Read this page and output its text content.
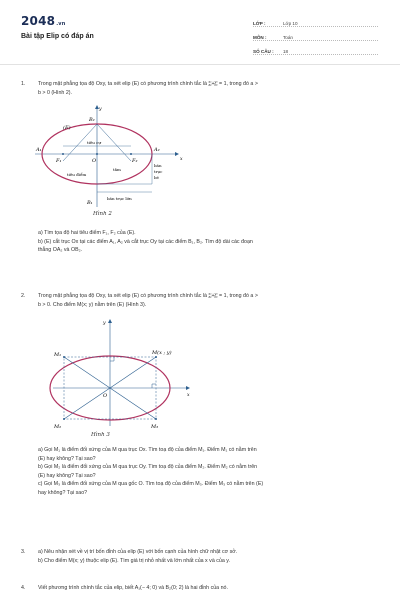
2048.vn
Bài tập Elip có đáp án
LỚP :	Lớp 10
MÔN :	Toán
SỐ CÂU :	18
1. Trong mặt phẳng tọa độ Oxy, ta xét elip (E) có phương trình chính tắc là x²
a² + y²
b² = 1, trong đó a >
b > 0 (Hình 2).
(E)
B₂
A₁	A₂
F₁	F₂
O
B₁
x
y
tiêu cự
tâm
tiêu điểm
bán
trục
bé
bán trục lớn
Hình 2
a) Tìm tọa độ hai tiêu điểm F₁, F₂ của (E).
b) (E) cắt trục Ox tại các điểm A₁, A₂ và cắt trục Oy tại các điểm B₁, B₂. Tìm độ dài các đoạn
thẳng OA₂ và OB₂.
2. Trong mặt phẳng tọa độ Oxy, ta xét elip (E) có phương trình chính tắc là x²
a² + y²
b² = 1, trong đó a >
b > 0. Cho điểm M(x; y) nằm trên (E) (Hình 3).
M₁	M(x ; y)
M₂	M₃
O	x
y
Hình 3
a) Gọi M₁ là điểm đối xứng của M qua trục Ox. Tìm toạ độ của điểm M₁. Điểm M₁ có nằm trên
(E) hay không? Tại sao?
b) Gọi M₂ là điểm đối xứng của M qua trục Oy. Tìm toạ độ của điểm M₂. Điểm M₂ có nằm trên
(E) hay không? Tại sao?
c) Gọi M₃ là điểm đối xứng của M qua gốc O. Tìm toạ độ của điểm M₃. Điểm M₃ có nằm trên (E)
hay không? Tại sao?
3. a) Nêu nhận xét về vị trí bốn đỉnh của elip (E) với bốn cạnh của hình chữ nhật cơ sở.
b) Cho điểm M(x; y) thuộc elip (E). Tìm giá trị nhỏ nhất và lớn nhất của x và của y.
4. Viết phương trình chính tắc của elip, biết A₁(− 4; 0) và B₂(0; 2) là hai đỉnh của nó.
